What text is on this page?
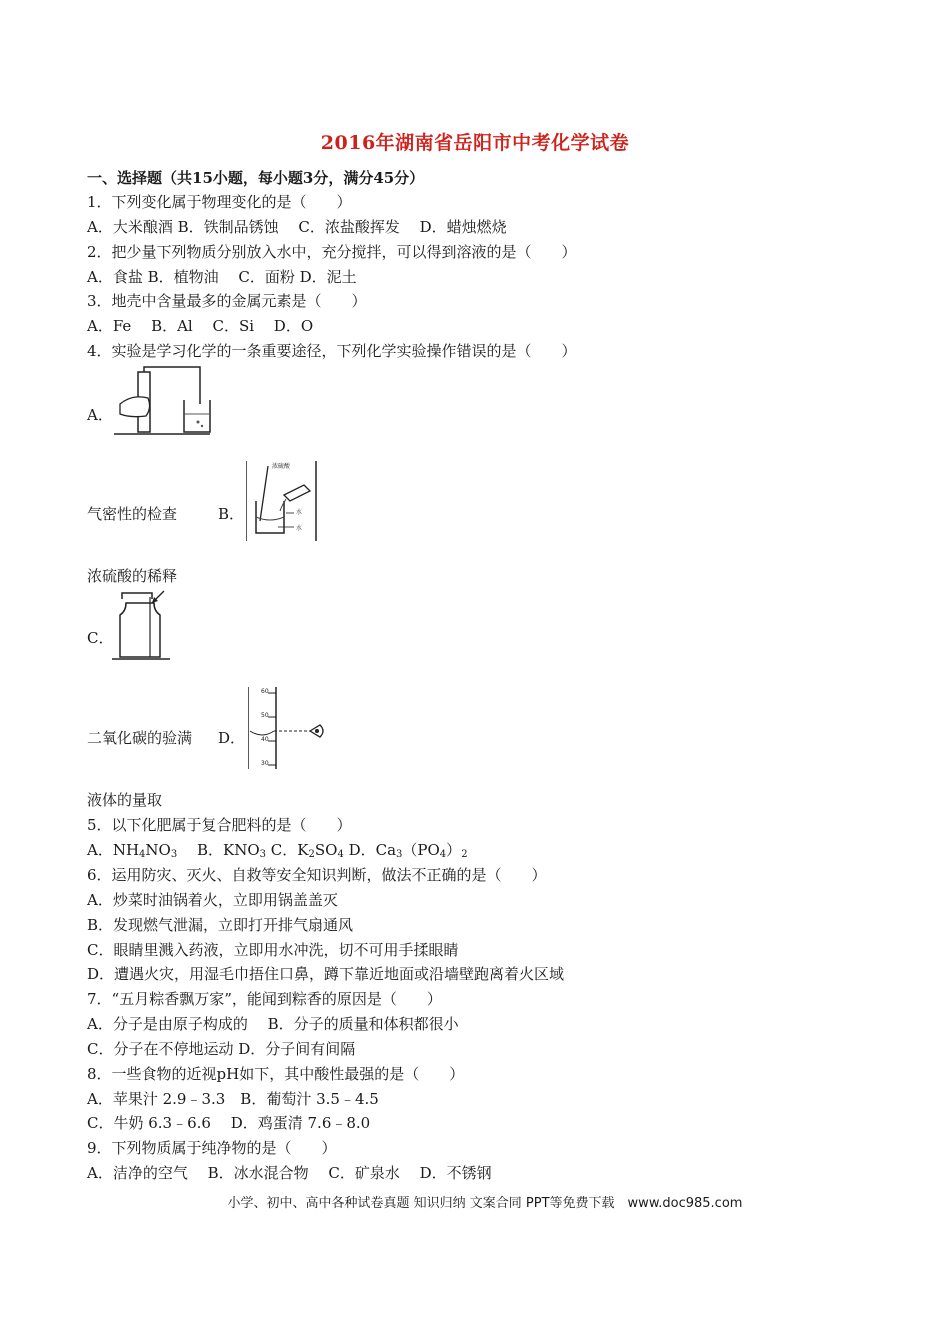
2016年湖南省岳阳市中考化学试卷
一、选择题（共15小题，每小题3分，满分45分）
1．下列变化属于物理变化的是（　　）
A．大米酿酒 B．铁制品锈蚀　 C．浓盐酸挥发　 D．蜡烛燃烧
2．把少量下列物质分别放入水中，充分搅拌，可以得到溶液的是（　　）
A．食盐 B．植物油　 C．面粉 D．泥土
3．地壳中含量最多的金属元素是（　　）
A．Fe　 B．Al　 C．Si　 D．O
4．实验是学习化学的一条重要途径，下列化学实验操作错误的是（　　）
A．
气密性的检查	B．
浓硫酸
水
水
浓硫酸的稀释
C．
二氧化碳的验满 D．
60
50
40
30
液体的量取
5．以下化肥属于复合肥料的是（　　）
A．$NH_4NO_3$　 B．$KNO_3$ C．$K_2SO_4$ D．$Ca_3(PO_4)_2$
6．运用防灾、灭火、自救等安全知识判断，做法不正确的是（　　）
A．炒菜时油锅着火，立即用锅盖盖灭
B．发现燃气泄漏，立即打开排气扇通风
C．眼睛里溅入药液，立即用水冲洗，切不可用手揉眼睛
D．遭遇火灾，用湿毛巾捂住口鼻，蹲下靠近地面或沿墙壁跑离着火区域
7．“五月粽香飘万家”，能闻到粽香的原因是（　　）
A．分子是由原子构成的　 B．分子的质量和体积都很小
C．分子在不停地运动 D．分子间有间隔
8．一些食物的近视pH如下，其中酸性最强的是（　　）
A．苹果汁 2.9﹣3.3　B．葡萄汁 3.5﹣4.5
C．牛奶 6.3﹣6.6　 D．鸡蛋清 7.6﹣8.0
9．下列物质属于纯净物的是（　　）
A．洁净的空气　 B．冰水混合物　 C．矿泉水　 D．不锈钢
小学、初中、高中各种试卷真题 知识归纳 文案合同 PPT等免费下载　www.doc985.com
